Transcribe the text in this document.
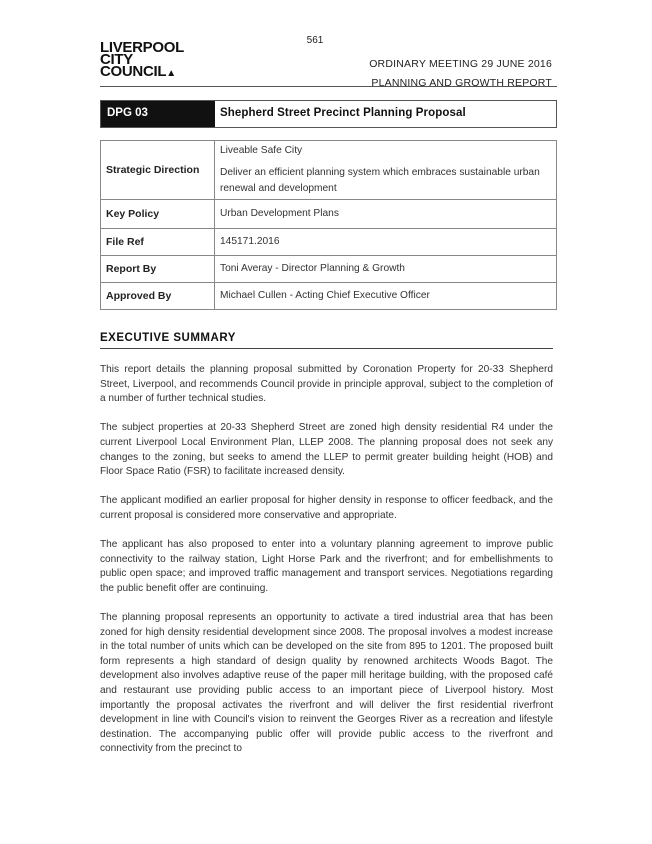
561
LIVERPOOL
CITY
COUNCIL▲
ORDINARY MEETING 29 JUNE 2016
PLANNING AND GROWTH REPORT
DPG 03	Shepherd Street Precinct Planning Proposal
Strategic Direction	Liveable Safe City
Deliver an efficient planning system which embraces sustainable urban renewal and development

Key Policy	Urban Development Plans
File Ref	145171.2016
Report By	Toni Averay - Director Planning & Growth
Approved By	Michael Cullen - Acting Chief Executive Officer
EXECUTIVE SUMMARY

This report details the planning proposal submitted by Coronation Property for 20-33 Shepherd Street, Liverpool, and recommends Council provide in principle approval, subject to the completion of a number of further technical studies.

The subject properties at 20-33 Shepherd Street are zoned high density residential R4 under the current Liverpool Local Environment Plan, LLEP 2008. The planning proposal does not seek any changes to the zoning, but seeks to amend the LLEP to permit greater building height (HOB) and Floor Space Ratio (FSR) to facilitate increased density.

The applicant modified an earlier proposal for higher density in response to officer feedback, and the current proposal is considered more conservative and appropriate.

The applicant has also proposed to enter into a voluntary planning agreement to improve public connectivity to the railway station, Light Horse Park and the riverfront; and for embellishments to public open space; and improved traffic management and transport services. Negotiations regarding the public benefit offer are continuing.

The planning proposal represents an opportunity to activate a tired industrial area that has been zoned for high density residential development since 2008. The proposal involves a modest increase in the total number of units which can be developed on the site from 895 to 1201. The proposed built form represents a high standard of design quality by renowned architects Woods Bagot. The development also involves adaptive reuse of the paper mill heritage building, with the proposed café and restaurant use providing public access to an important piece of Liverpool history. Most importantly the proposal activates the riverfront and will deliver the first residential riverfront development in line with Council's vision to reinvent the Georges River as a recreation and lifestyle destination. The accompanying public offer will provide public access to the riverfront and connectivity from the precinct to
